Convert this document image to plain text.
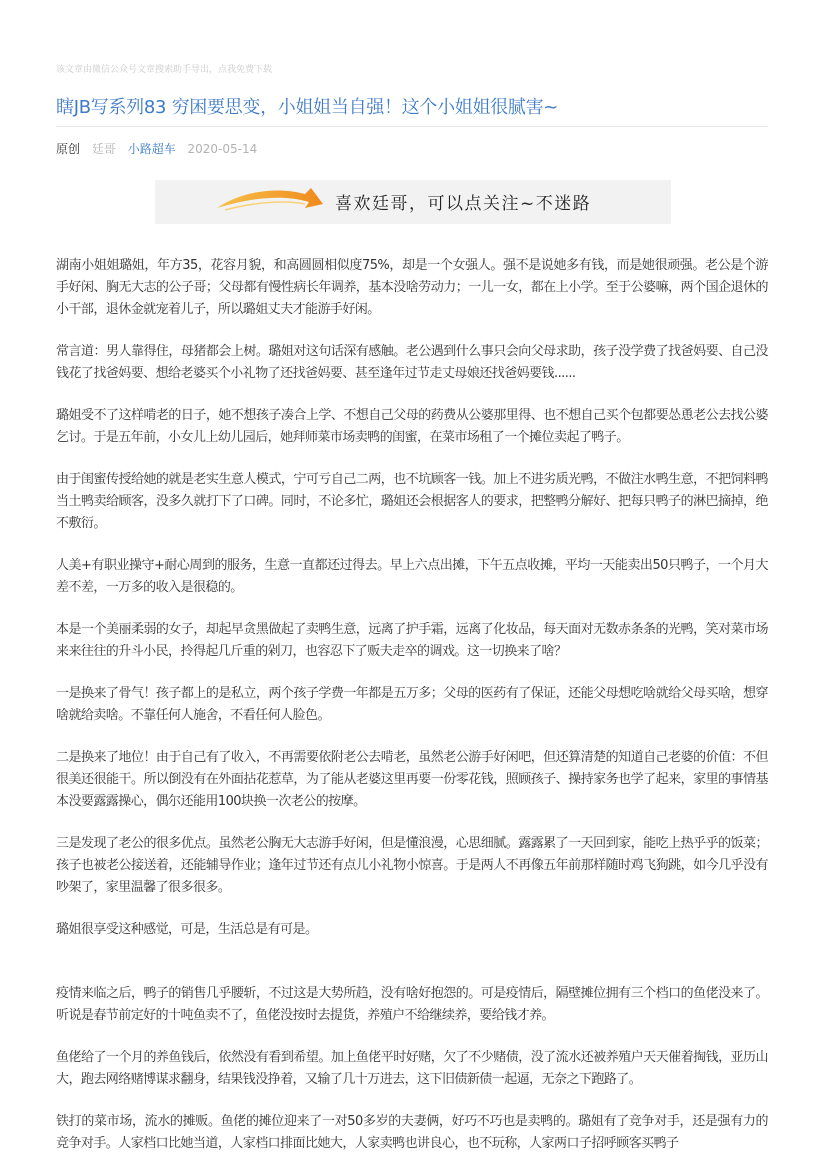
该文章由微信公众号文章搜索助手导出，点我免费下载
瞎JB写系列83 穷困要思变，小姐姐当自强！这个小姐姐很腻害~
原创 廷哥 小路超车 2020-05-14
喜欢廷哥，可以点关注~不迷路

湖南小姐姐璐姐，年方35，花容月貌，和高圆圆相似度75%，却是一个女强人。强不是说她多有钱，而是她很顽强。老公是个游手好闲、胸无大志的公子哥；父母都有慢性病长年调养，基本没啥劳动力；一儿一女，都在上小学。至于公婆嘛，两个国企退休的小干部，退休金就宠着儿子，所以璐姐丈夫才能游手好闲。

常言道：男人靠得住，母猪都会上树。璐姐对这句话深有感触。老公遇到什么事只会向父母求助，孩子没学费了找爸妈要、自己没钱花了找爸妈要、想给老婆买个小礼物了还找爸妈要、甚至逢年过节走丈母娘还找爸妈要钱......

璐姐受不了这样啃老的日子，她不想孩子凑合上学、不想自己父母的药费从公婆那里得、也不想自己买个包都要怂恿老公去找公婆乞讨。于是五年前，小女儿上幼儿园后，她拜师菜市场卖鸭的闺蜜，在菜市场租了一个摊位卖起了鸭子。

由于闺蜜传授给她的就是老实生意人模式，宁可亏自己二两，也不坑顾客一钱。加上不进劣质光鸭，不做注水鸭生意，不把饲料鸭当土鸭卖给顾客，没多久就打下了口碑。同时，不论多忙，璐姐还会根据客人的要求，把整鸭分解好、把每只鸭子的淋巴摘掉，绝不敷衍。

人美+有职业操守+耐心周到的服务，生意一直都还过得去。早上六点出摊，下午五点收摊，平均一天能卖出50只鸭子，一个月大差不差，一万多的收入是很稳的。

本是一个美丽柔弱的女子，却起早贪黑做起了卖鸭生意，远离了护手霜，远离了化妆品，每天面对无数赤条条的光鸭，笑对菜市场来来往往的升斗小民，拎得起几斤重的剁刀，也容忍下了贩夫走卒的调戏。这一切换来了啥？

一是换来了骨气！孩子都上的是私立，两个孩子学费一年都是五万多；父母的医药有了保证，还能父母想吃啥就给父母买啥，想穿啥就给卖啥。不靠任何人施舍，不看任何人脸色。

二是换来了地位！由于自己有了收入，不再需要依附老公去啃老，虽然老公游手好闲吧，但还算清楚的知道自己老婆的价值：不但很美还很能干。所以倒没有在外面拈花惹草，为了能从老婆这里再要一份零花钱，照顾孩子、操持家务也学了起来，家里的事情基本没要露露操心，偶尔还能用100块换一次老公的按摩。

三是发现了老公的很多优点。虽然老公胸无大志游手好闲，但是懂浪漫，心思细腻。露露累了一天回到家，能吃上热乎乎的饭菜；孩子也被老公接送着，还能辅导作业；逢年过节还有点儿小礼物小惊喜。于是两人不再像五年前那样随时鸡飞狗跳，如今几乎没有吵架了，家里温馨了很多很多。

璐姐很享受这种感觉，可是，生活总是有可是。

疫情来临之后，鸭子的销售几乎腰斩，不过这是大势所趋，没有啥好抱怨的。可是疫情后，隔壁摊位拥有三个档口的鱼佬没来了。听说是春节前定好的十吨鱼卖不了，鱼佬没按时去提货，养殖户不给继续养，要给钱才养。

鱼佬给了一个月的养鱼钱后，依然没有看到希望。加上鱼佬平时好赌，欠了不少赌债，没了流水还被养殖户天天催着掏钱，亚历山大，跑去网络赌博谋求翻身，结果钱没挣着，又输了几十万进去，这下旧债新债一起逼，无奈之下跑路了。

铁打的菜市场，流水的摊贩。鱼佬的摊位迎来了一对50多岁的夫妻俩，好巧不巧也是卖鸭的。璐姐有了竞争对手，还是强有力的竞争对手。人家档口比她当道，人家档口排面比她大，人家卖鸭也讲良心，也不玩称，人家两口子招呼顾客买鸭子
